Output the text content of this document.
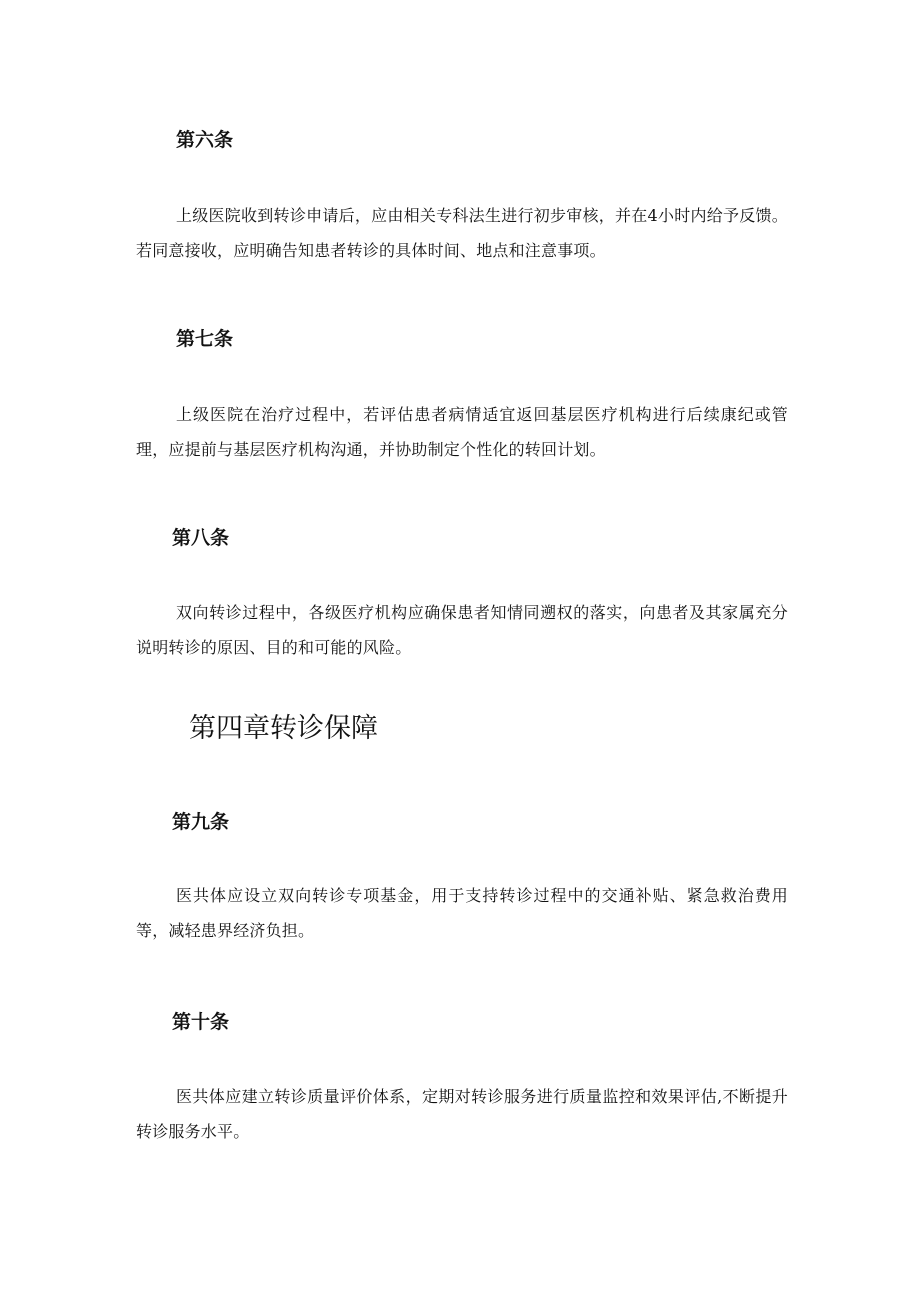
第六条

上级医院收到转诊申请后，应由相关专科法生进行初步审核，并在4小时内给予反馈。若同意接收，应明确告知患者转诊的具体时间、地点和注意事项。

第七条

上级医院在治疗过程中，若评估患者病情适宜返回基层医疗机构进行后续康纪或管理，应提前与基层医疗机构沟通，并协助制定个性化的转回计划。

第八条

双向转诊过程中，各级医疗机构应确保患者知情同遡权的落实，向患者及其家属充分说明转诊的原因、目的和可能的风险。

第四章转诊保障
第九条

医共体应设立双向转诊专项基金，用于支持转诊过程中的交通补贴、紧急救治费用等，减轻患界经济负担。

第十条

医共体应建立转诊质量评价体系，定期对转诊服务进行质量监控和效果评估,不断提升转诊服务水平。
